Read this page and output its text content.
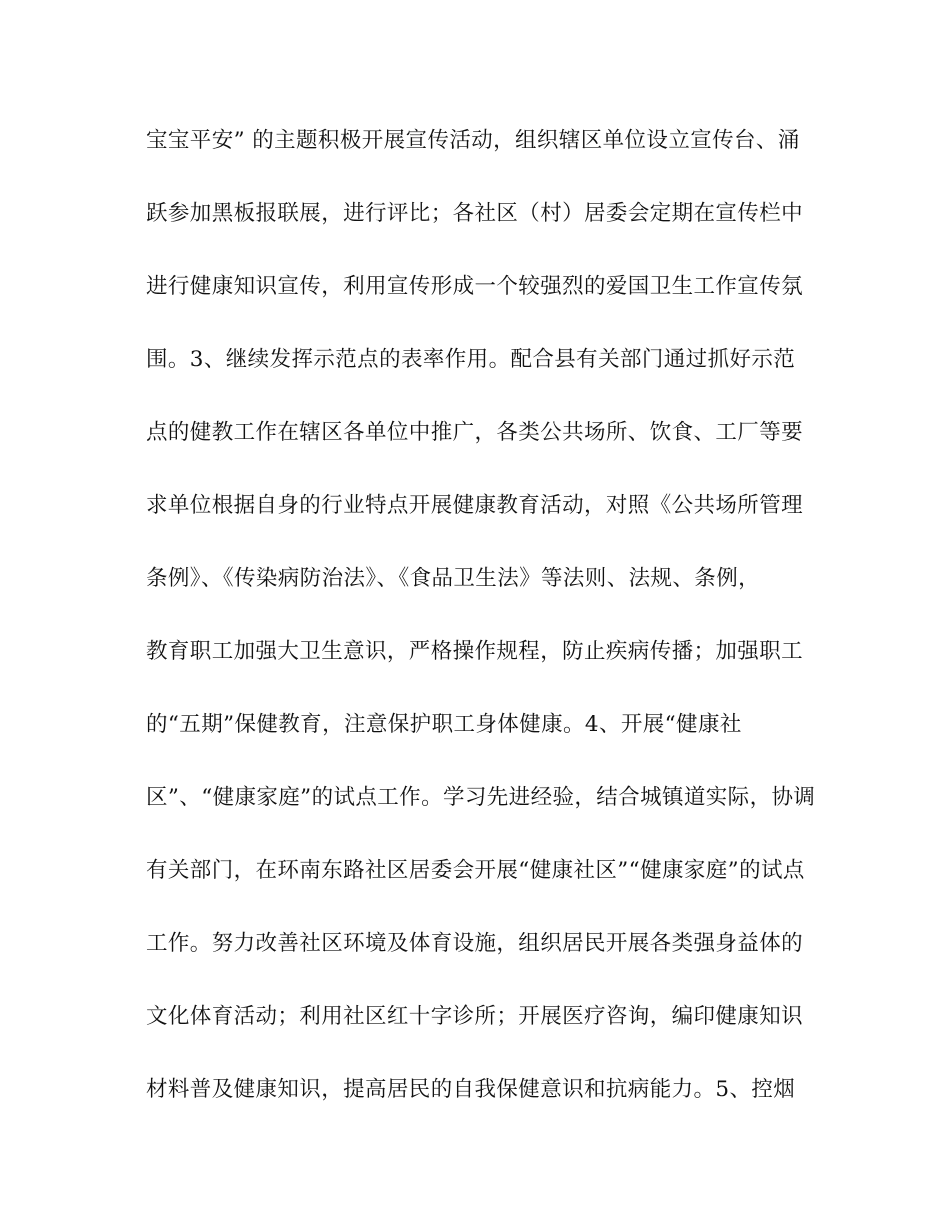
宝宝平安” 的主题积极开展宣传活动，组织辖区单位设立宣传台、涌
跃参加黑板报联展，进行评比；各社区（村）居委会定期在宣传栏中
进行健康知识宣传，利用宣传形成一个较强烈的爱国卫生工作宣传氛
围。3、继续发挥示范点的表率作用。配合县有关部门通过抓好示范
点的健教工作在辖区各单位中推广，各类公共场所、饮食、工厂等要
求单位根据自身的行业特点开展健康教育活动，对照《公共场所管理
条例》、《传染病防治法》、《食品卫生法》等法则、法规、条例，
教育职工加强大卫生意识，严格操作规程，防止疾病传播；加强职工
的“五期”保健教育，注意保护职工身体健康。4、开展“健康社
区”、“健康家庭”的试点工作。学习先进经验，结合城镇道实际，协调
有关部门，在环南东路社区居委会开展“健康社区”“健康家庭”的试点
工作。努力改善社区环境及体育设施，组织居民开展各类强身益体的
文化体育活动；利用社区红十字诊所；开展医疗咨询，编印健康知识
材料普及健康知识，提高居民的自我保健意识和抗病能力。5、控烟
